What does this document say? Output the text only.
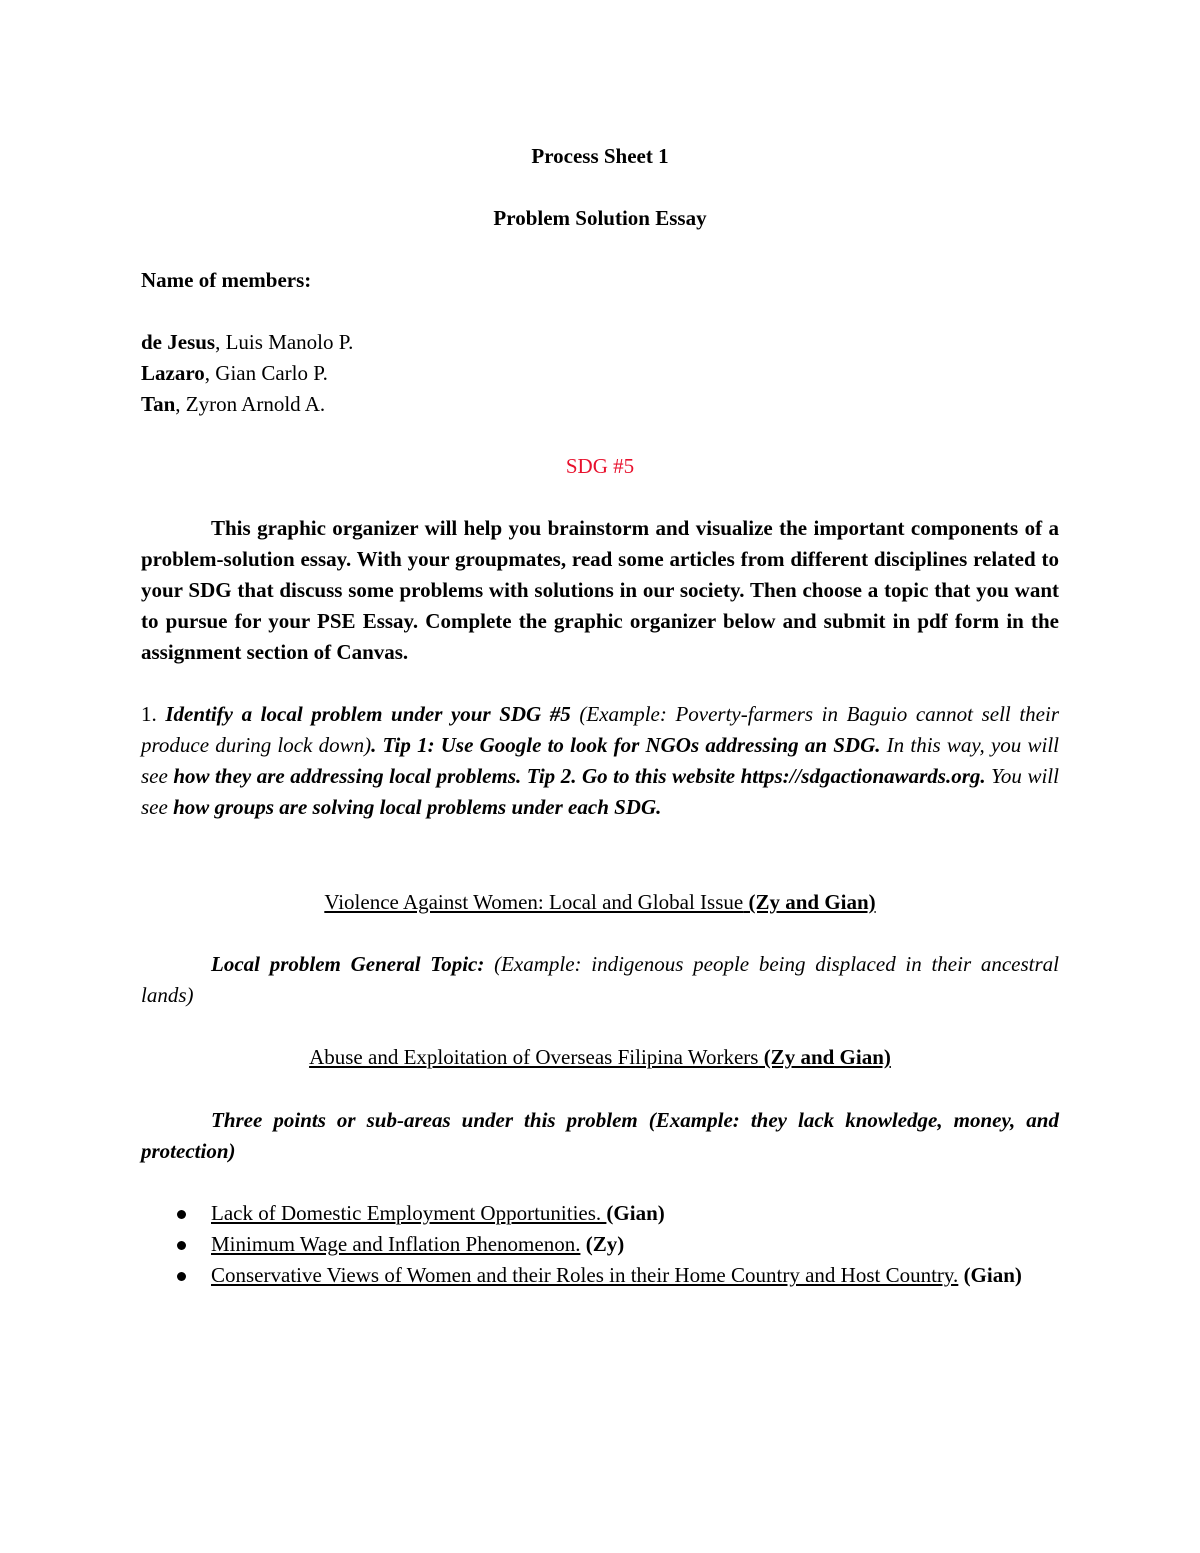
Process Sheet 1

Problem Solution Essay

Name of members:

de Jesus, Luis Manolo P.
Lazaro, Gian Carlo P.
Tan, Zyron Arnold A.

SDG #5

This graphic organizer will help you brainstorm and visualize the important components of a problem-solution essay. With your groupmates, read some articles from different disciplines related to your SDG that discuss some problems with solutions in our society. Then choose a topic that you want to pursue for your PSE Essay. Complete the graphic organizer below and submit in pdf form in the assignment section of Canvas.

1. Identify a local problem under your SDG #5 (Example: Poverty-farmers in Baguio cannot sell their produce during lock down). Tip 1: Use Google to look for NGOs addressing an SDG. In this way, you will see how they are addressing local problems. Tip 2. Go to this website https://sdgactionawards.org. You will see how groups are solving local problems under each SDG.

Violence Against Women: Local and Global Issue (Zy and Gian)

Local problem General Topic: (Example: indigenous people being displaced in their ancestral lands)

Abuse and Exploitation of Overseas Filipina Workers (Zy and Gian)

Three points or sub-areas under this problem (Example: they lack knowledge, money, and protection)

Lack of Domestic Employment Opportunities. (Gian)
Minimum Wage and Inflation Phenomenon. (Zy)
Conservative Views of Women and their Roles in their Home Country and Host Country. (Gian)
